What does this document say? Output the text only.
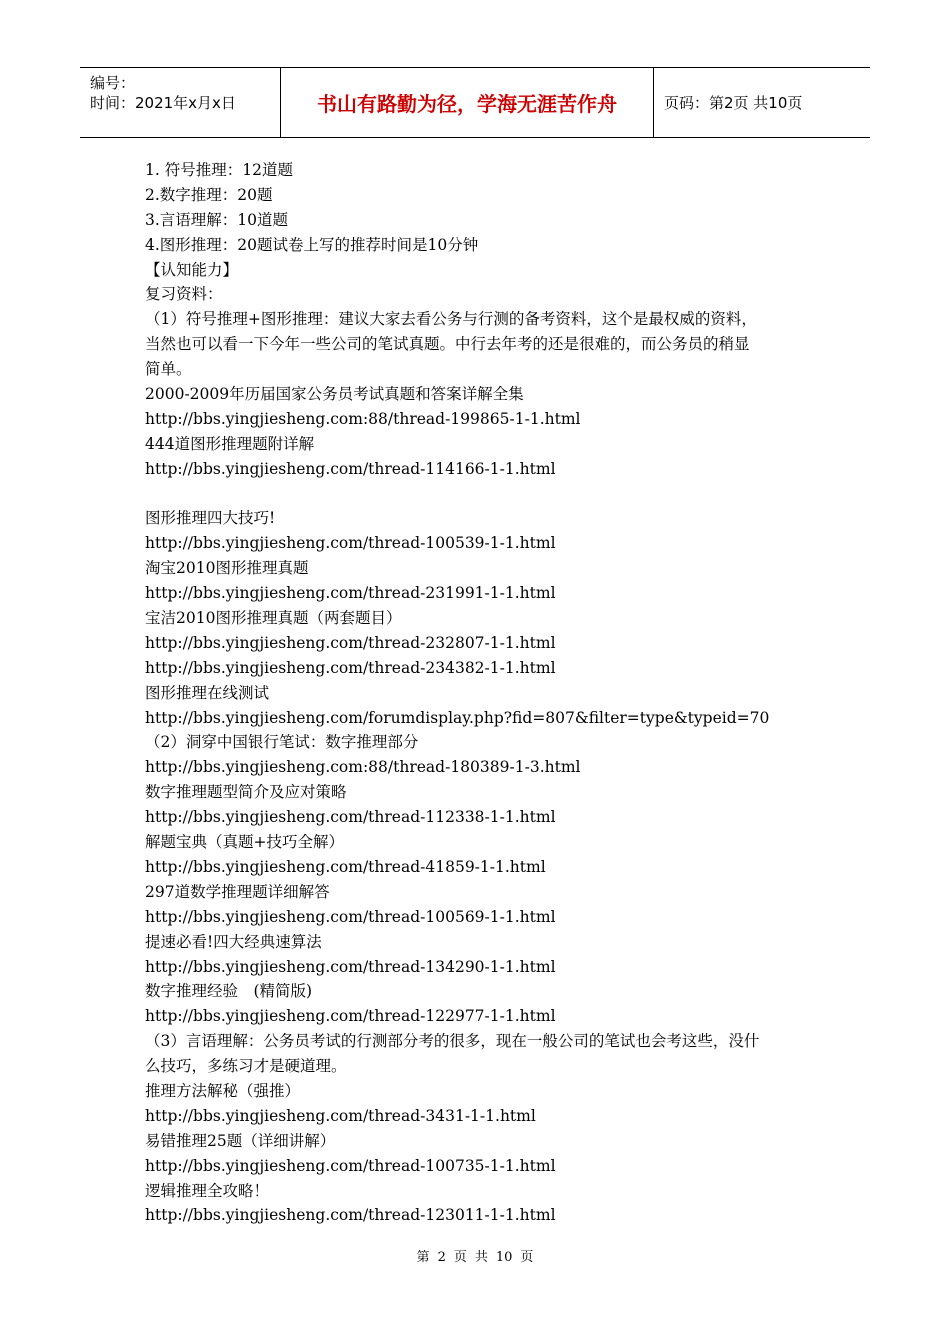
编号：
时间：2021年x月x日	书山有路勤为径，学海无涯苦作舟	页码：第2页 共10页
1. 符号推理：12道题
2.数字推理：20题
3.言语理解：10道题
4.图形推理：20题试卷上写的推荐时间是10分钟
【认知能力】
复习资料：
（1）符号推理+图形推理：建议大家去看公务与行测的备考资料，这个是最权威的资料，
当然也可以看一下今年一些公司的笔试真题。中行去年考的还是很难的，而公务员的稍显
简单。
2000-2009年历届国家公务员考试真题和答案详解全集
http://bbs.yingjiesheng.com:88/thread-199865-1-1.html
444道图形推理题附详解
http://bbs.yingjiesheng.com/thread-114166-1-1.html
图形推理四大技巧!
http://bbs.yingjiesheng.com/thread-100539-1-1.html
淘宝2010图形推理真题
http://bbs.yingjiesheng.com/thread-231991-1-1.html
宝洁2010图形推理真题（两套题目）
http://bbs.yingjiesheng.com/thread-232807-1-1.html
http://bbs.yingjiesheng.com/thread-234382-1-1.html
图形推理在线测试
http://bbs.yingjiesheng.com/forumdisplay.php?fid=807&filter=type&typeid=70
（2）洞穿中国银行笔试：数字推理部分
http://bbs.yingjiesheng.com:88/thread-180389-1-3.html
数字推理题型简介及应对策略
http://bbs.yingjiesheng.com/thread-112338-1-1.html
解题宝典（真题+技巧全解）
http://bbs.yingjiesheng.com/thread-41859-1-1.html
297道数学推理题详细解答
http://bbs.yingjiesheng.com/thread-100569-1-1.html
提速必看!四大经典速算法
http://bbs.yingjiesheng.com/thread-134290-1-1.html
数字推理经验　(精简版)
http://bbs.yingjiesheng.com/thread-122977-1-1.html
（3）言语理解：公务员考试的行测部分考的很多，现在一般公司的笔试也会考这些，没什
么技巧，多练习才是硬道理。
推理方法解秘（强推）
http://bbs.yingjiesheng.com/thread-3431-1-1.html
易错推理25题（详细讲解）
http://bbs.yingjiesheng.com/thread-100735-1-1.html
逻辑推理全攻略！
http://bbs.yingjiesheng.com/thread-123011-1-1.html
第 2 页 共 10 页
